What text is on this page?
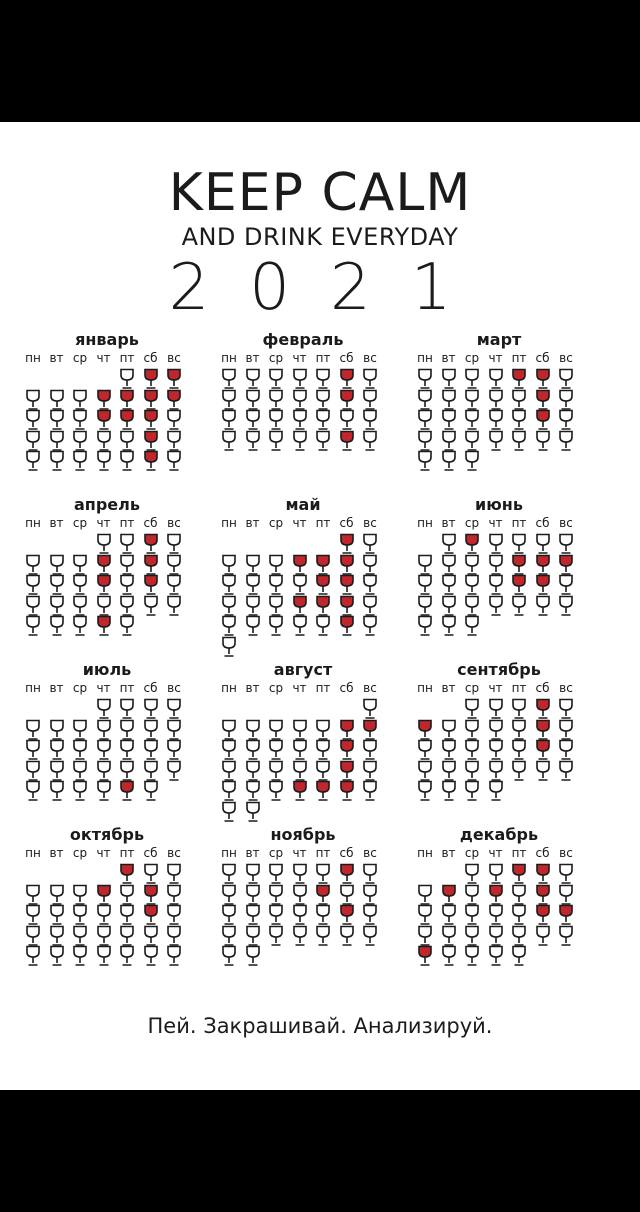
KEEP CALM
AND DRINK EVERYDAY
2021
январь
пн вт ср чт пт сб вс
февраль
пн вт ср чт пт сб вс
март
пн вт ср чт пт сб вс
апрель
пн вт ср чт пт сб вс
май
пн вт ср чт пт сб вс
июнь
пн вт ср чт пт сб вс
июль
пн вт ср чт пт сб вс
август
пн вт ср чт пт сб вс
сентябрь
пн вт ср чт пт сб вс
октябрь
пн вт ср чт пт сб вс
ноябрь
пн вт ср чт пт сб вс
декабрь
пн вт ср чт пт сб вс
Пей. Закрашивай. Анализируй.
